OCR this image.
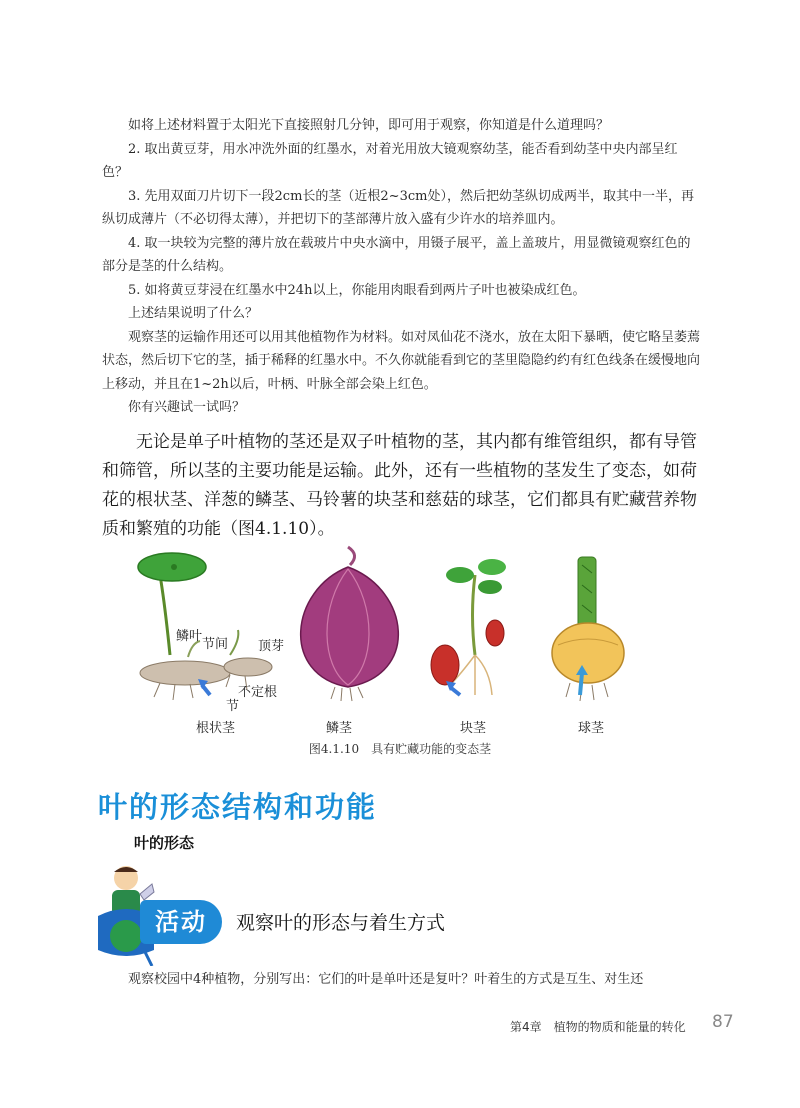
如将上述材料置于太阳光下直接照射几分钟，即可用于观察，你知道是什么道理吗？

2. 取出黄豆芽，用水冲洗外面的红墨水，对着光用放大镜观察幼茎，能否看到幼茎中央内部呈红色？

3. 先用双面刀片切下一段2cm长的茎（近根2~3cm处），然后把幼茎纵切成两半，取其中一半，再纵切成薄片（不必切得太薄），并把切下的茎部薄片放入盛有少许水的培养皿内。

4. 取一块较为完整的薄片放在载玻片中央水滴中，用镊子展平，盖上盖玻片，用显微镜观察红色的部分是茎的什么结构。

5. 如将黄豆芽浸在红墨水中24h以上，你能用肉眼看到两片子叶也被染成红色。

上述结果说明了什么？

观察茎的运输作用还可以用其他植物作为材料。如对凤仙花不浇水，放在太阳下暴晒，使它略呈萎蔫状态，然后切下它的茎，插于稀释的红墨水中。不久你就能看到它的茎里隐隐约约有红色线条在缓慢地向上移动，并且在1~2h以后，叶柄、叶脉全部会染上红色。

你有兴趣试一试吗？

无论是单子叶植物的茎还是双子叶植物的茎，其内都有维管组织，都有导管和筛管，所以茎的主要功能是运输。此外，还有一些植物的茎发生了变态，如荷花的根状茎、洋葱的鳞茎、马铃薯的块茎和慈菇的球茎，它们都具有贮藏营养物质和繁殖的功能（图4.1.10）。

鳞叶
节间 顶芽
不定根
节
根状茎	鳞茎	块茎	球茎
图4.1.10　具有贮藏功能的变态茎
叶的形态结构和功能
叶的形态
活动	观察叶的形态与着生方式
观察校园中4种植物，分别写出：它们的叶是单叶还是复叶？叶着生的方式是互生、对生还
第4章　植物的物质和能量的转化 87
